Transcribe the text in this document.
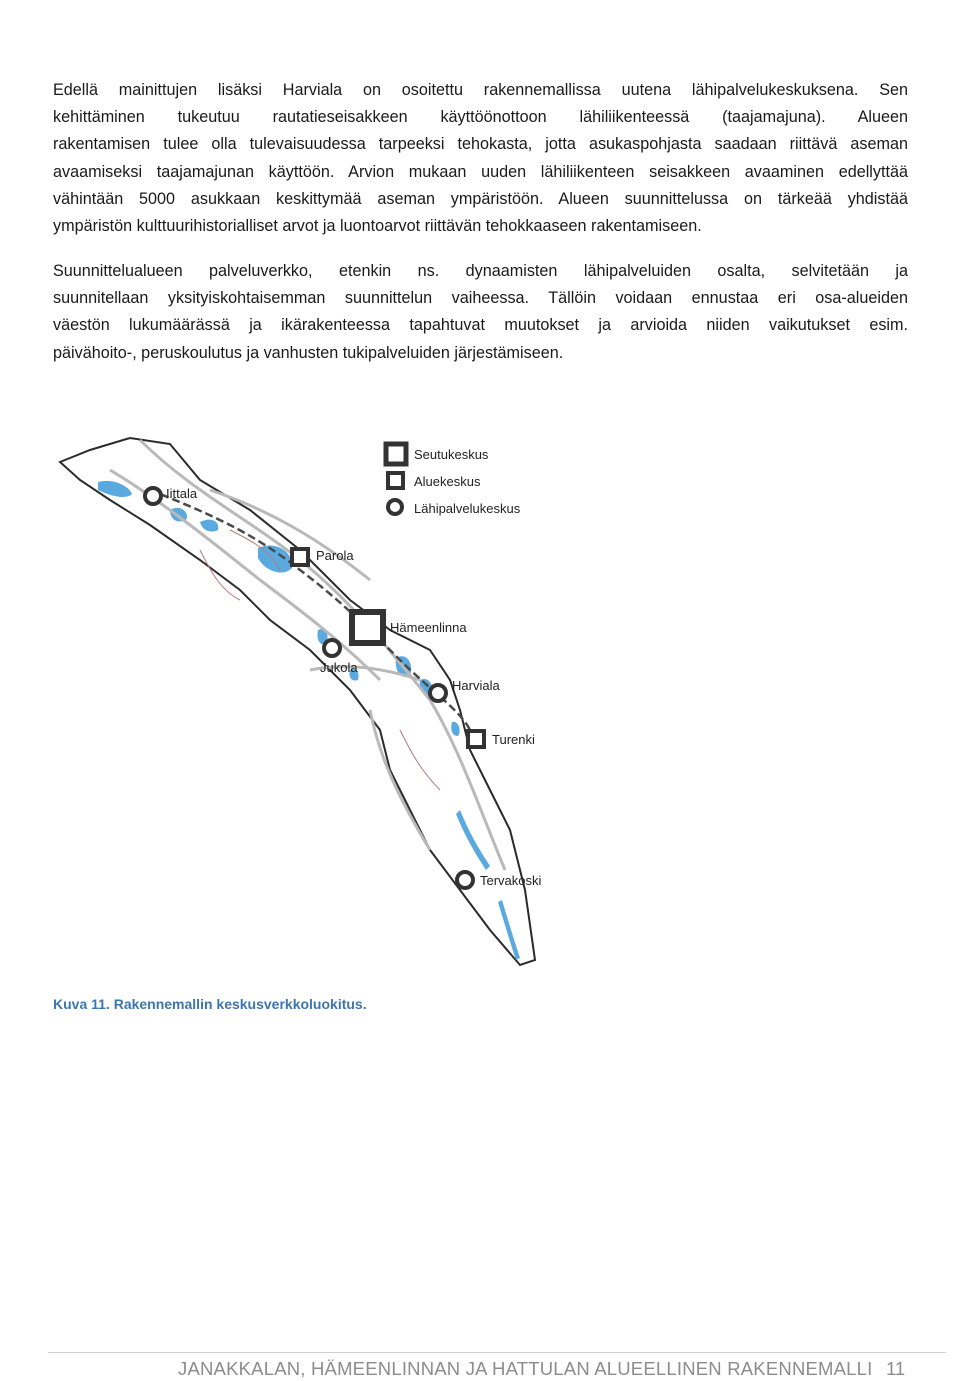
Edellä mainittujen lisäksi Harviala on osoitettu rakennemallissa uutena lähipalvelukeskuksena. Sen
kehittäminen tukeutuu rautatieseisakkeen käyttöönottoon lähiliikenteessä (taajamajuna). Alueen
rakentamisen tulee olla tulevaisuudessa tarpeeksi tehokasta, jotta asukaspohjasta saadaan riittävä aseman
avaamiseksi taajamajunan käyttöön. Arvion mukaan uuden lähiliikenteen seisakkeen avaaminen edellyttää
vähintään 5000 asukkaan keskittymää aseman ympäristöön. Alueen suunnittelussa on tärkeää yhdistää
ympäristön kulttuurihistorialliset arvot ja luontoarvot riittävän tehokkaaseen rakentamiseen.
Suunnittelualueen palveluverkko, etenkin ns. dynaamisten lähipalveluiden osalta, selvitetään ja
suunnitellaan yksityiskohtaisemman suunnittelun vaiheessa. Tällöin voidaan ennustaa eri osa-alueiden
väestön lukumäärässä ja ikärakenteessa tapahtuvat muutokset ja arvioida niiden vaikutukset esim.
päivähoito-, peruskoulutus ja vanhusten tukipalveluiden järjestämiseen.
Seutukeskus
Aluekeskus
Lähipalvelukeskus
Iittala
Parola
Hämeenlinna
Jukola
Harviala
Turenki
Tervakoski
Kuva 11. Rakennemallin keskusverkkoluokitus.
JANAKKALAN, HÄMEENLINNAN JA HATTULAN ALUEELLINEN RAKENNEMALLI 11
